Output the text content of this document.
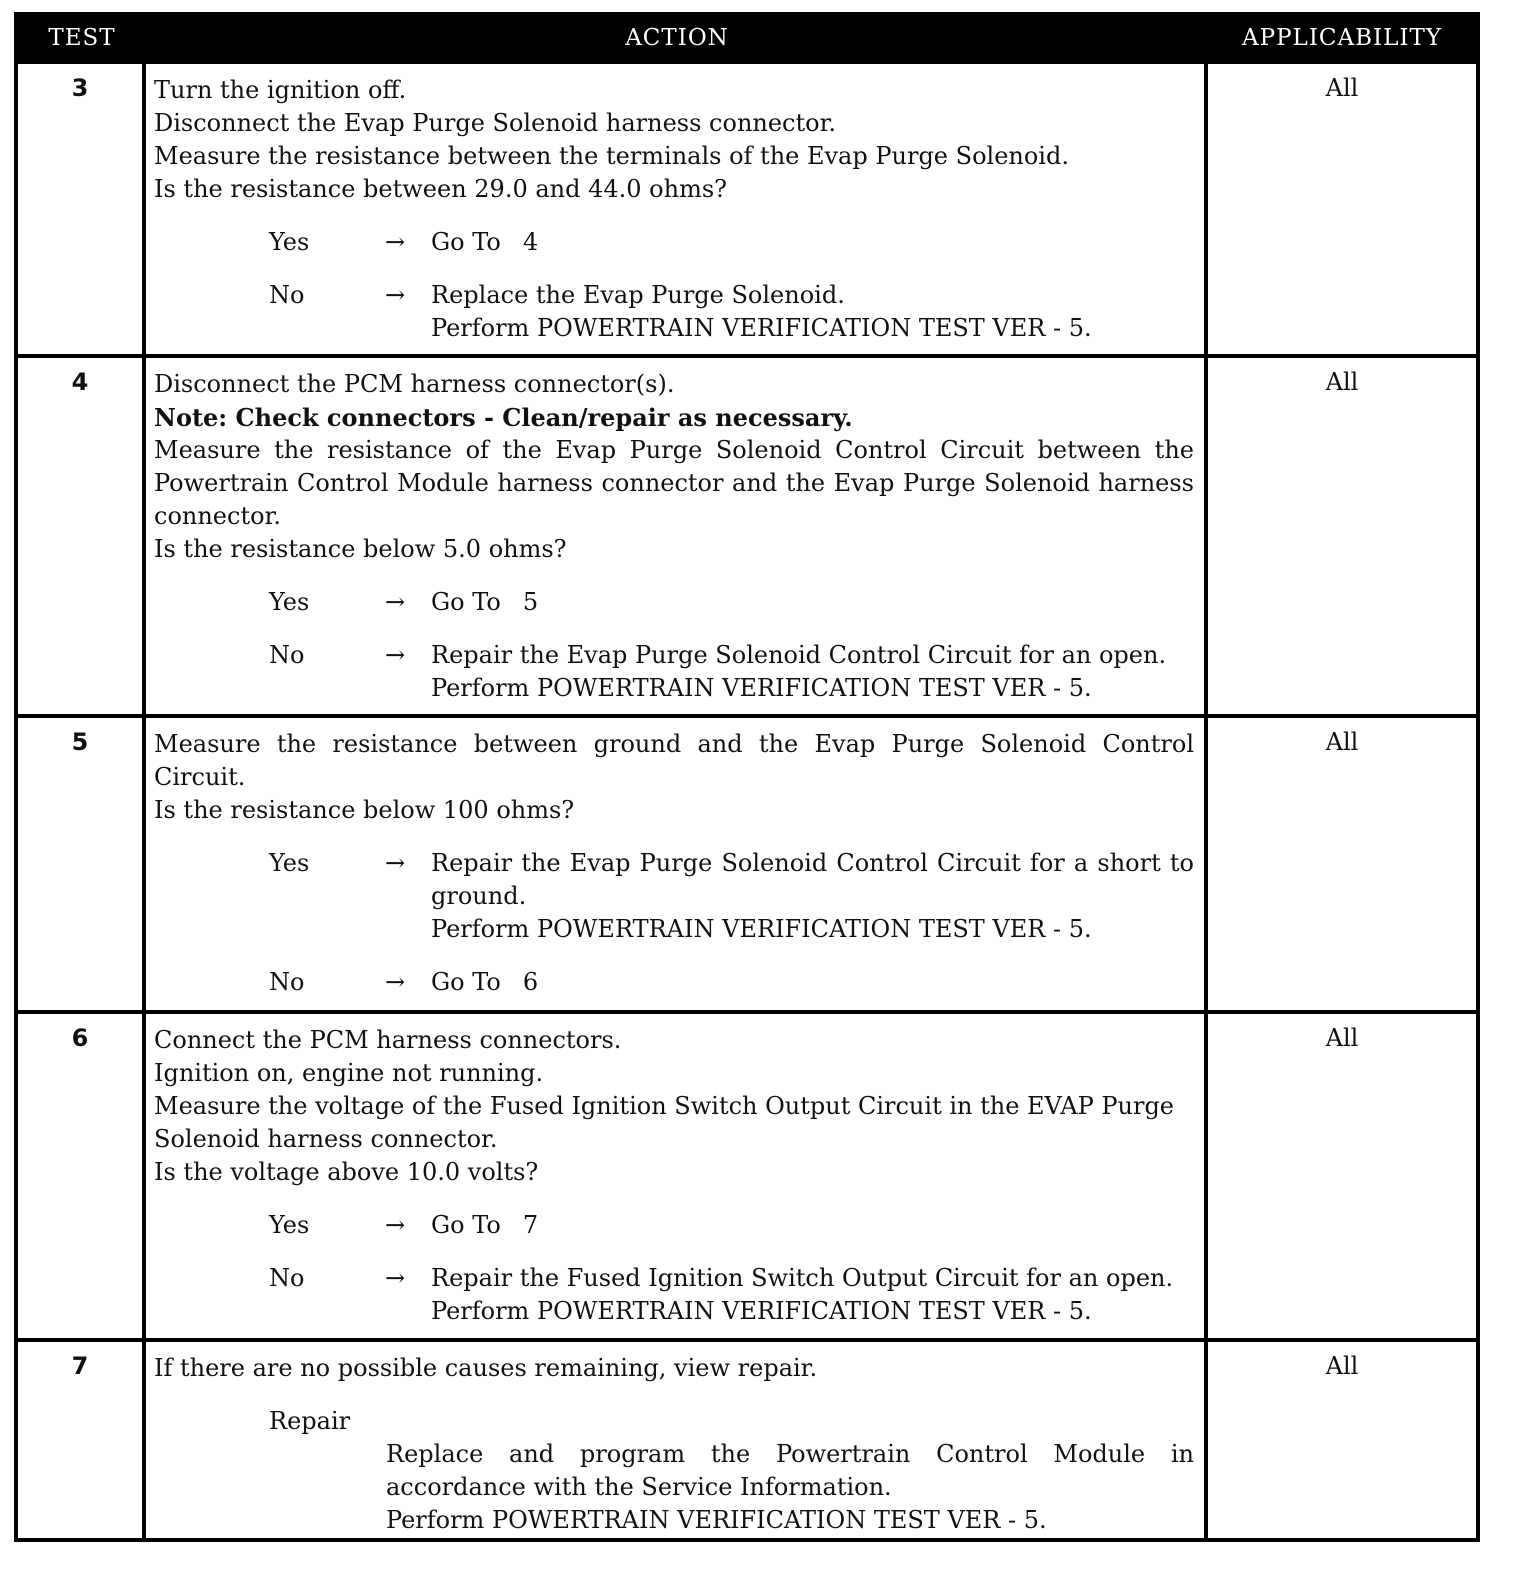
TEST	ACTION	APPLICABILITY
3	Turn the ignition off.

Disconnect the Evap Purge Solenoid harness connector.

Measure the resistance between the terminals of the Evap Purge Solenoid.

Is the resistance between 29.0 and 44.0 ohms?

Yes	→	Go To 4
No	→	Replace the Evap Purge Solenoid.
Perform POWERTRAIN VERIFICATION TEST VER - 5.
All
4	Disconnect the PCM harness connector(s).

Note: Check connectors - Clean/repair as necessary.

Measure the resistance of the Evap Purge Solenoid Control Circuit between the Powertrain Control Module harness connector and the Evap Purge Solenoid harness connector.

Is the resistance below 5.0 ohms?

Yes	→	Go To 5
No	→	Repair the Evap Purge Solenoid Control Circuit for an open.
Perform POWERTRAIN VERIFICATION TEST VER - 5.
All
5	Measure the resistance between ground and the Evap Purge Solenoid Control Circuit.

Is the resistance below 100 ohms?

Yes	→	Repair the Evap Purge Solenoid Control Circuit for a short to ground.
Perform POWERTRAIN VERIFICATION TEST VER - 5.
No	→	Go To 6
All
6	Connect the PCM harness connectors.

Ignition on, engine not running.

Measure the voltage of the Fused Ignition Switch Output Circuit in the EVAP Purge Solenoid harness connector.

Is the voltage above 10.0 volts?

Yes	→	Go To 7
No	→	Repair the Fused Ignition Switch Output Circuit for an open.
Perform POWERTRAIN VERIFICATION TEST VER - 5.
All
7	If there are no possible causes remaining, view repair.

Repair

Replace and program the Powertrain Control Module in accordance with the Service Information.

Perform POWERTRAIN VERIFICATION TEST VER - 5.

All
